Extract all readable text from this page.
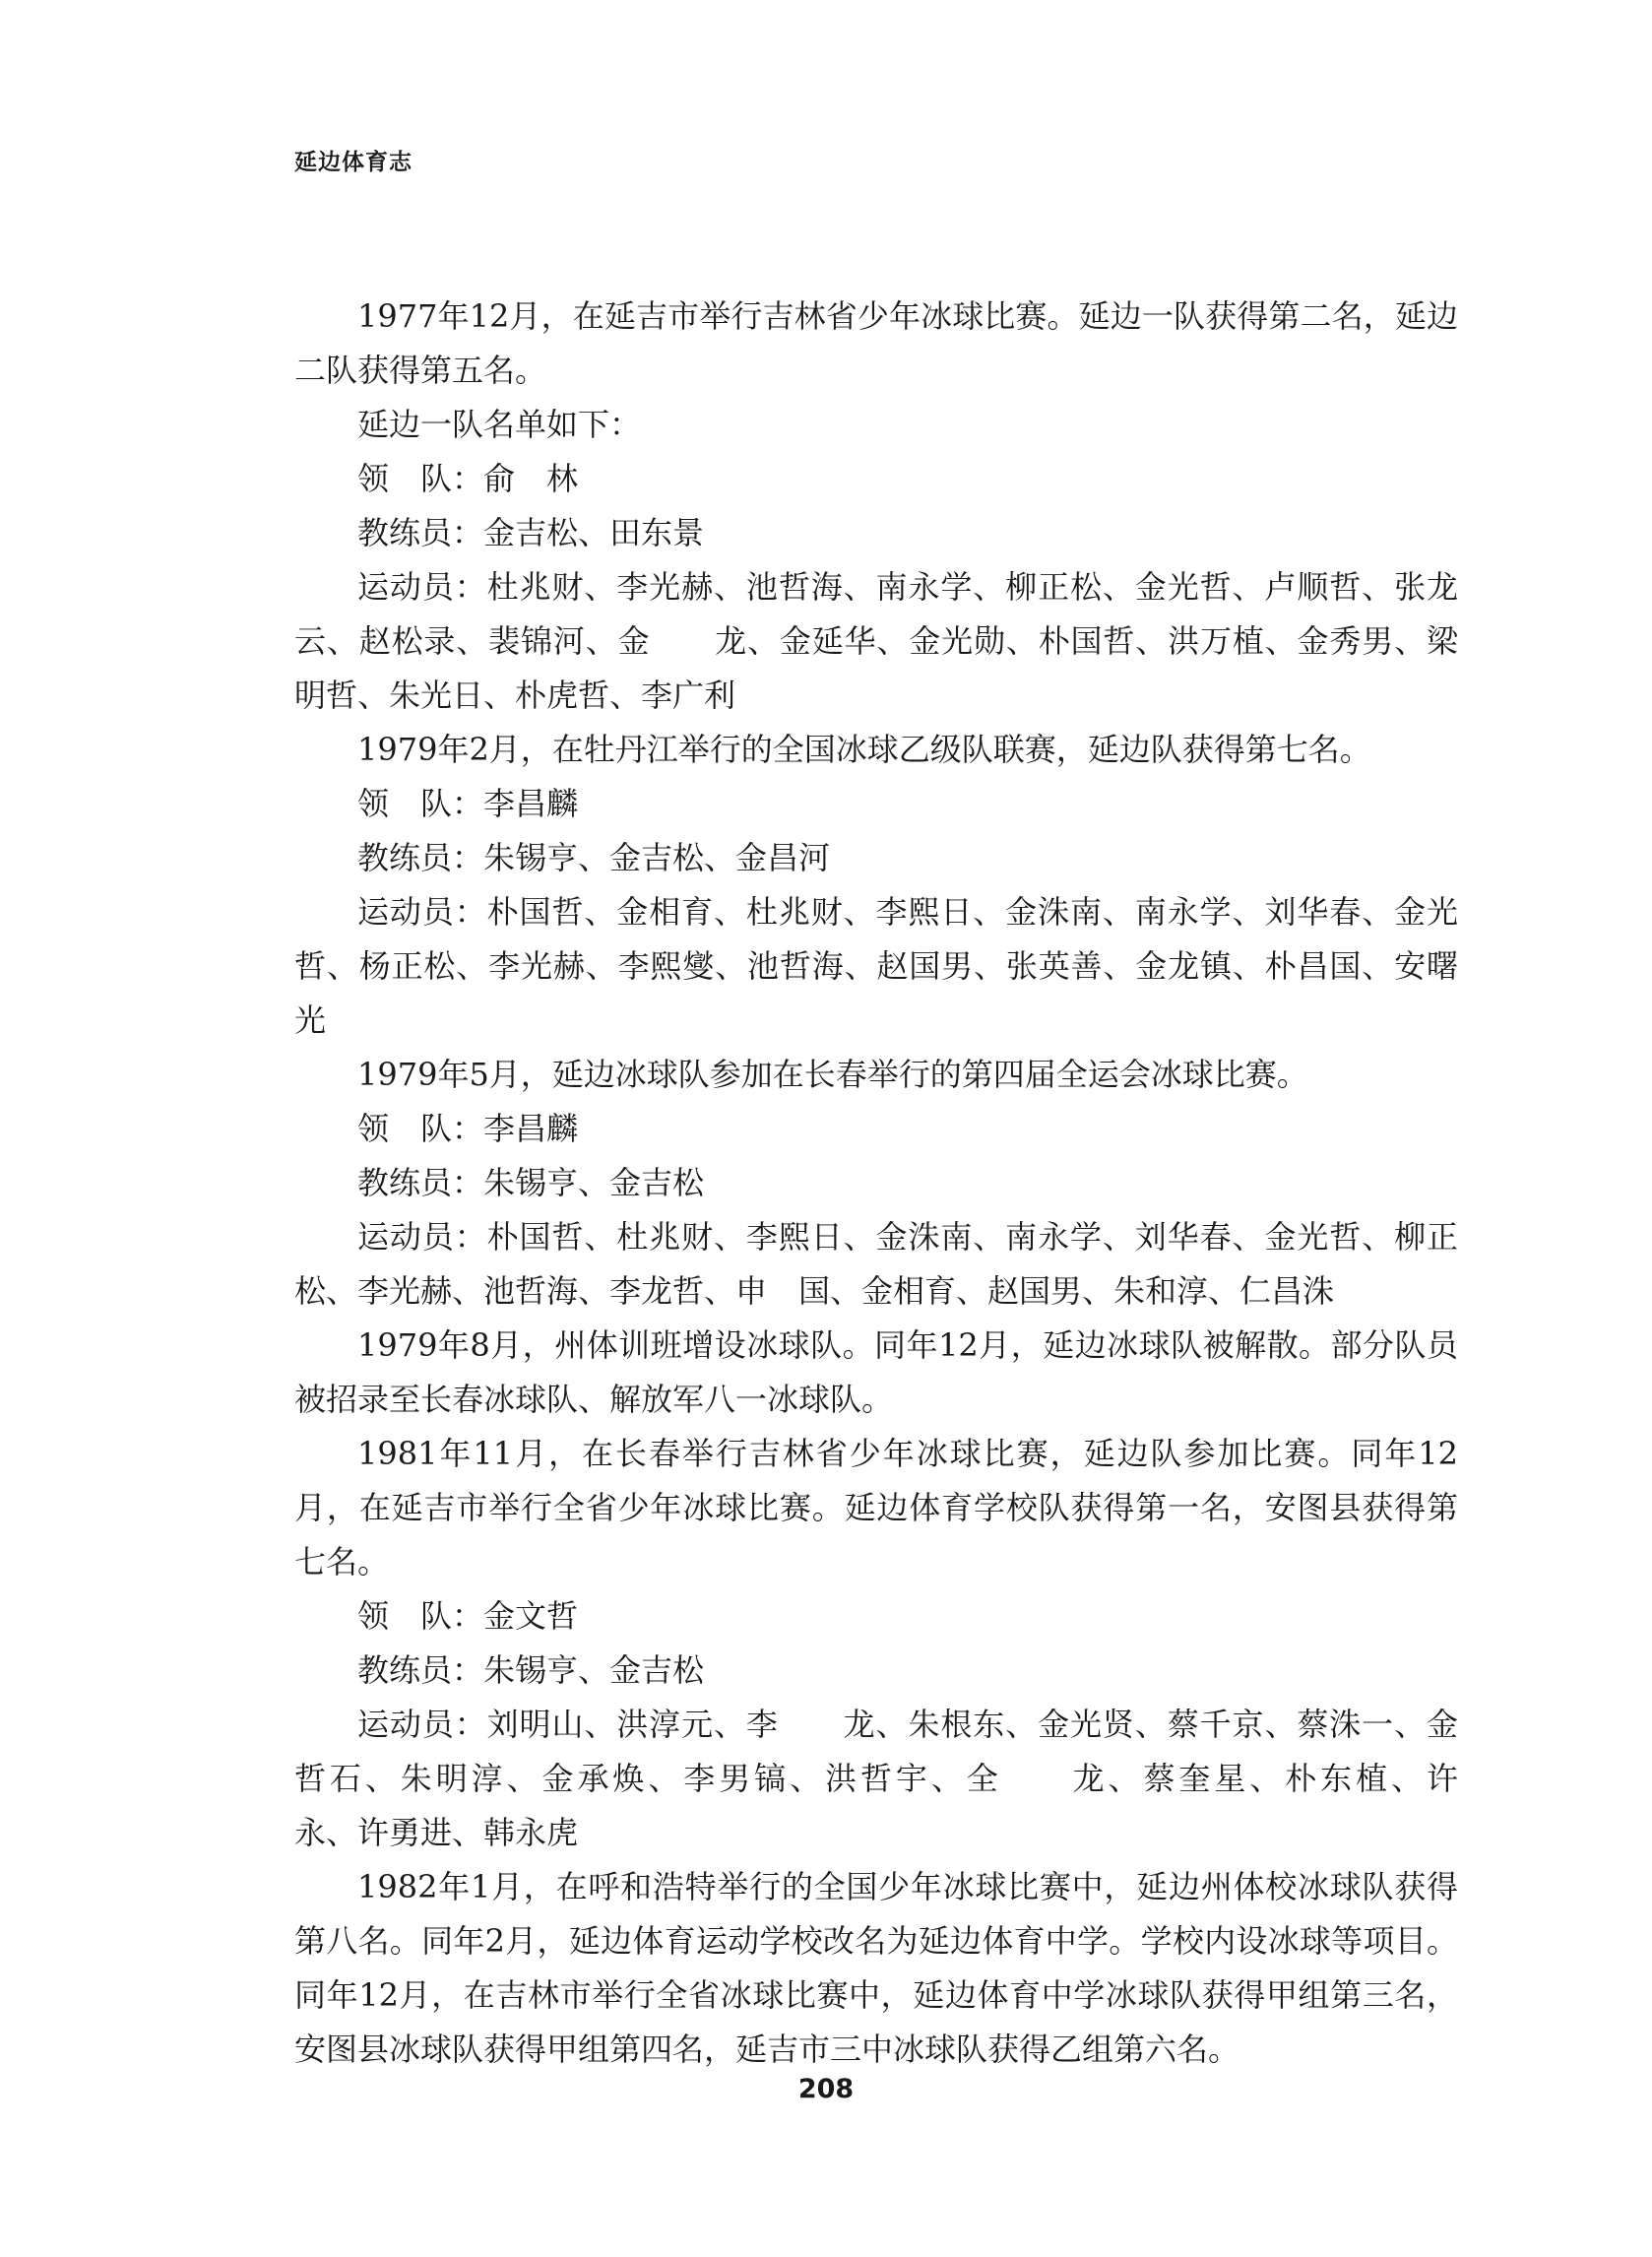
延边体育志

1977年12月，在延吉市举行吉林省少年冰球比赛。延边一队获得第二名，延边二队获得第五名。

延边一队名单如下：

领　队：俞　林

教练员：金吉松、田东景

运动员：杜兆财、李光赫、池哲海、南永学、柳正松、金光哲、卢顺哲、张龙云、赵松录、裴锦河、金　　龙、金延华、金光勋、朴国哲、洪万植、金秀男、梁明哲、朱光日、朴虎哲、李广利

1979年2月，在牡丹江举行的全国冰球乙级队联赛，延边队获得第七名。

领　队：李昌麟

教练员：朱锡亨、金吉松、金昌河

运动员：朴国哲、金相育、杜兆财、李熙日、金洙南、南永学、刘华春、金光哲、杨正松、李光赫、李熙燮、池哲海、赵国男、张英善、金龙镇、朴昌国、安曙光

1979年5月，延边冰球队参加在长春举行的第四届全运会冰球比赛。

领　队：李昌麟

教练员：朱锡亨、金吉松

运动员：朴国哲、杜兆财、李熙日、金洙南、南永学、刘华春、金光哲、柳正松、李光赫、池哲海、李龙哲、申　国、金相育、赵国男、朱和淳、仁昌洙

1979年8月，州体训班增设冰球队。同年12月，延边冰球队被解散。部分队员被招录至长春冰球队、解放军八一冰球队。

1981年11月，在长春举行吉林省少年冰球比赛，延边队参加比赛。同年12月，在延吉市举行全省少年冰球比赛。延边体育学校队获得第一名，安图县获得第七名。

领　队：金文哲

教练员：朱锡亨、金吉松

运动员：刘明山、洪淳元、李　　龙、朱根东、金光贤、蔡千京、蔡洙一、金哲石、朱明淳、金承焕、李男镐、洪哲宇、全　　龙、蔡奎星、朴东植、许　　永、许勇进、韩永虎

1982年1月，在呼和浩特举行的全国少年冰球比赛中，延边州体校冰球队获得第八名。同年2月，延边体育运动学校改名为延边体育中学。学校内设冰球等项目。同年12月，在吉林市举行全省冰球比赛中，延边体育中学冰球队获得甲组第三名，安图县冰球队获得甲组第四名，延吉市三中冰球队获得乙组第六名。

208
